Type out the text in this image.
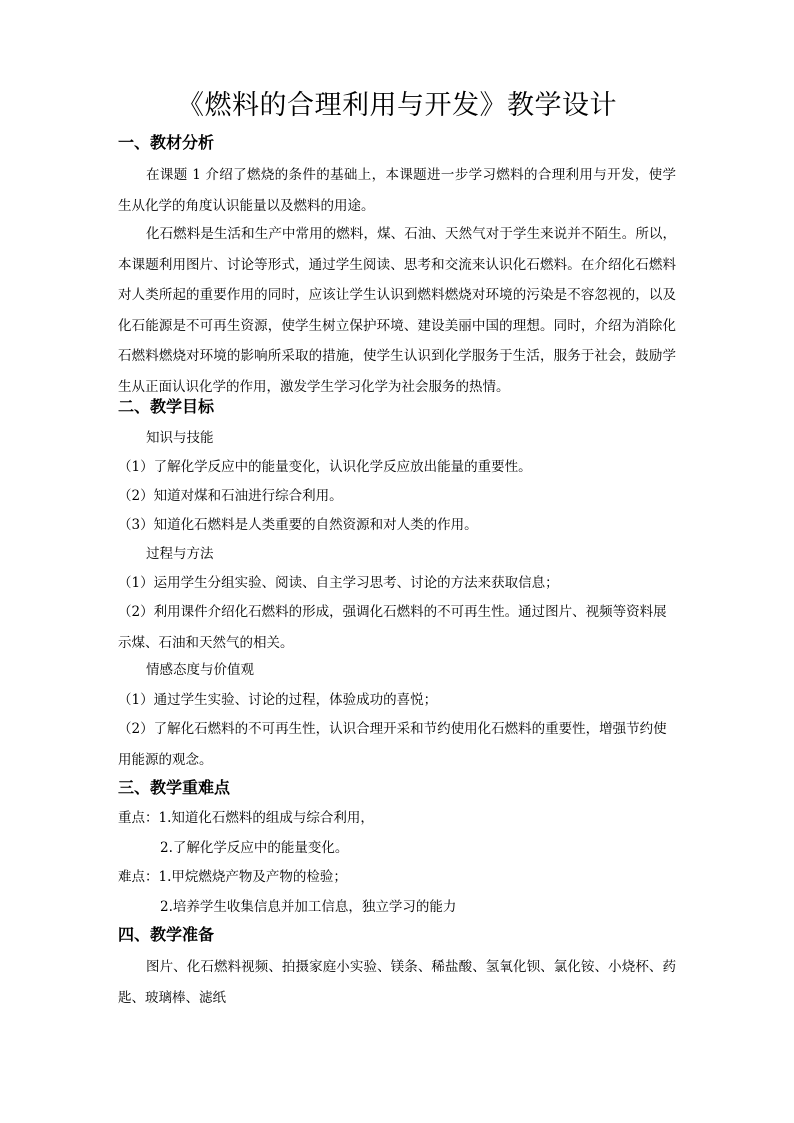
《燃料的合理利用与开发》教学设计
一、教材分析
在课题 1 介绍了燃烧的条件的基础上，本课题进一步学习燃料的合理利用与开发，使学生从化学的角度认识能量以及燃料的用途。
化石燃料是生活和生产中常用的燃料，煤、石油、天然气对于学生来说并不陌生。所以，本课题利用图片、讨论等形式，通过学生阅读、思考和交流来认识化石燃料。在介绍化石燃料对人类所起的重要作用的同时，应该让学生认识到燃料燃烧对环境的污染是不容忽视的，以及化石能源是不可再生资源，使学生树立保护环境、建设美丽中国的理想。同时，介绍为消除化石燃料燃烧对环境的影响所采取的措施，使学生认识到化学服务于生活，服务于社会，鼓励学生从正面认识化学的作用，激发学生学习化学为社会服务的热情。
二、教学目标
知识与技能
（1）了解化学反应中的能量变化，认识化学反应放出能量的重要性。
（2）知道对煤和石油进行综合利用。
（3）知道化石燃料是人类重要的自然资源和对人类的作用。
过程与方法
（1）运用学生分组实验、阅读、自主学习思考、讨论的方法来获取信息；
（2）利用课件介绍化石燃料的形成，强调化石燃料的不可再生性。通过图片、视频等资料展示煤、石油和天然气的相关。
情感态度与价值观
（1）通过学生实验、讨论的过程，体验成功的喜悦；
（2）了解化石燃料的不可再生性，认识合理开采和节约使用化石燃料的重要性，增强节约使用能源的观念。
三、教学重难点
重点：1.知道化石燃料的组成与综合利用，
2.了解化学反应中的能量变化。
难点：1.甲烷燃烧产物及产物的检验；
2.培养学生收集信息并加工信息，独立学习的能力
四、教学准备
图片、化石燃料视频、拍摄家庭小实验、镁条、稀盐酸、氢氧化钡、氯化铵、小烧杯、药匙、玻璃棒、滤纸
